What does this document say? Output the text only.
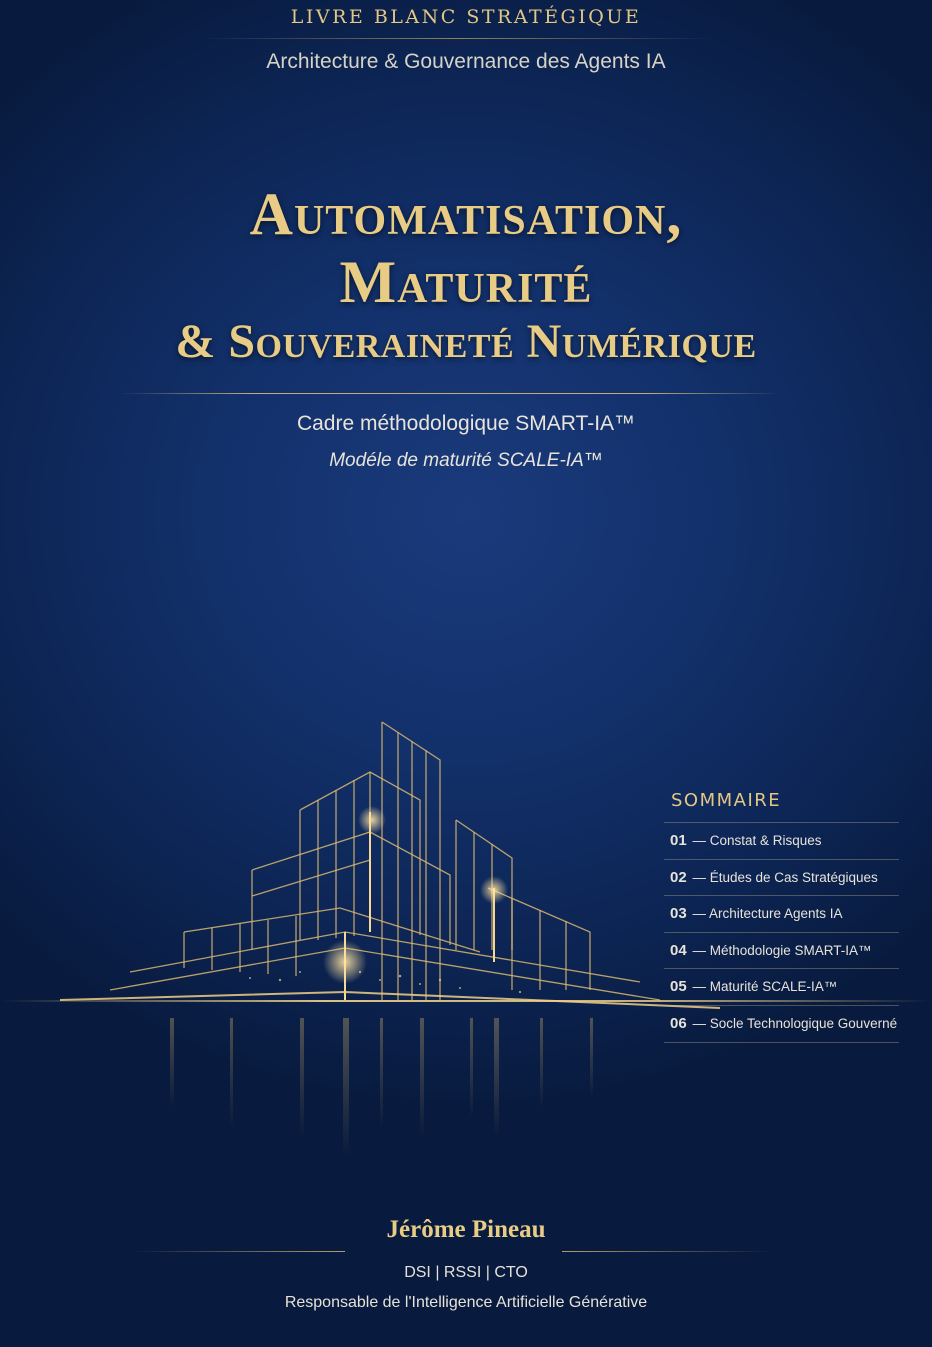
LIVRE BLANC STRATÉGIQUE
Architecture & Gouvernance des Agents IA
Automatisation,
Maturité
& Souveraineté Numérique
Cadre méthodologique SMART-IA™
Modéle de maturité SCALE-IA™
SOMMAIRE
01 — Constat & Risques
02 — Études de Cas Stratégiques
03 — Architecture Agents IA
04 — Méthodologie SMART-IA™
05 — Maturité SCALE-IA™
06 — Socle Technologique Gouverné
Jérôme Pineau
DSI | RSSI | CTO
Responsable de l'Intelligence Artificielle Générative
